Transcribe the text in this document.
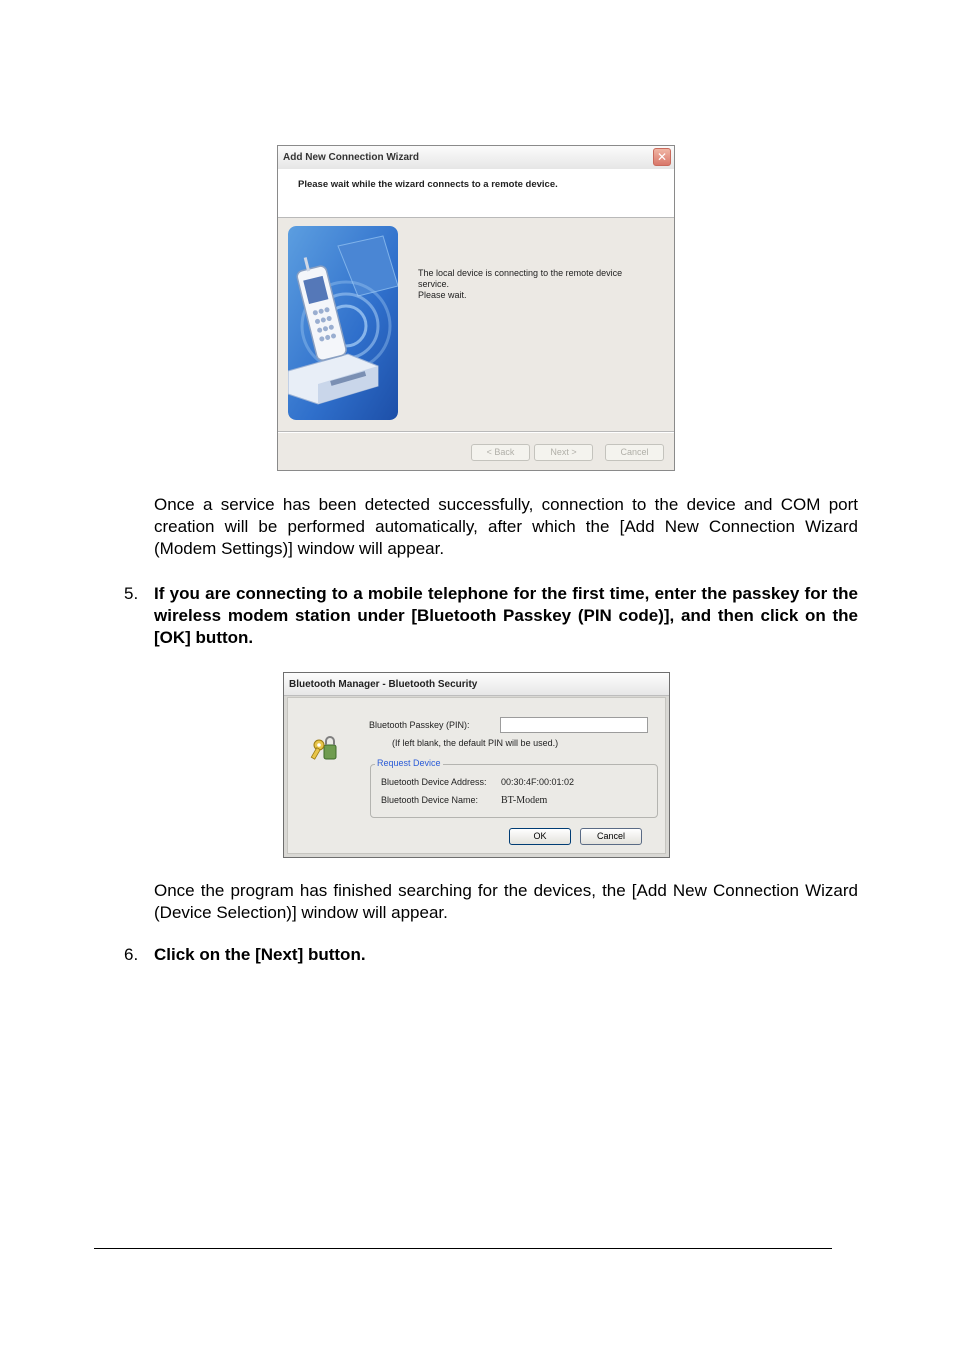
Add New Connection Wizard	✕
Please wait while the wizard connects to a remote device.
The local device is connecting to the remote device service.
Please wait.
< Back	Next >	Cancel
Once a service has been detected successfully, connection to the device and COM port creation will be performed automatically, after which the [Add New Connection Wizard (Modem Settings)] window will appear.
5. If you are connecting to a mobile telephone for the first time, enter the passkey for the wireless modem station under [Bluetooth Passkey (PIN code)], and then click on the [OK] button.
Bluetooth Manager - Bluetooth Security
Bluetooth Passkey (PIN):
(If left blank, the default PIN will be used.)
Request Device
Bluetooth Device Address: 00:30:4F:00:01:02
Bluetooth Device Name: BT-Modem
OK	Cancel
Once the program has finished searching for the devices, the [Add New Connection Wizard (Device Selection)] window will appear.
6. Click on the [Next] button.
